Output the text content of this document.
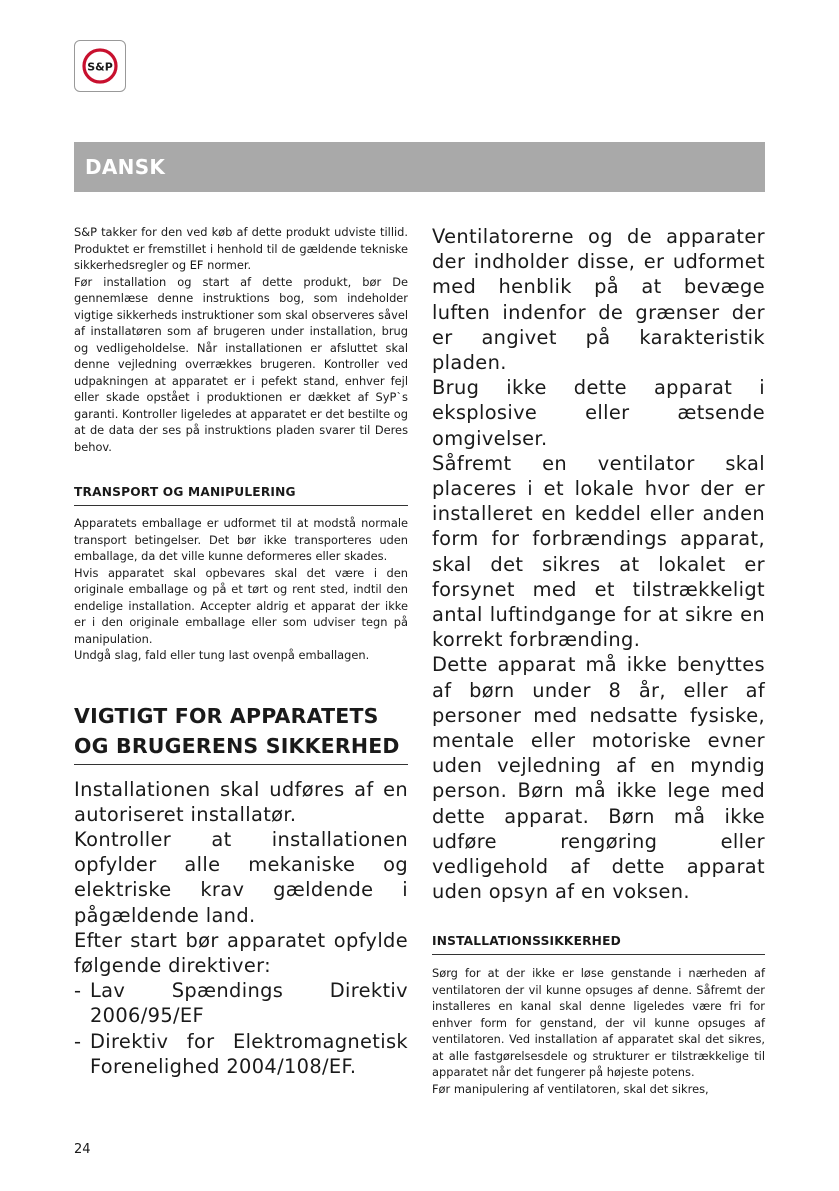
S&P
DANSK

S&P takker for den ved køb af dette produkt udviste tillid. Produktet er fremstillet i henhold til de gældende tekniske sikkerhedsregler og EF normer.

Før installation og start af dette produkt, bør De gennemlæse denne instruktions bog, som indeholder vigtige sikkerheds instruktioner som skal observeres såvel af installatøren som af brugeren under installation, brug og vedligeholdelse. Når installationen er afsluttet skal denne vejledning overrækkes brugeren. Kontroller ved udpakningen at apparatet er i pefekt stand, enhver fejl eller skade opstået i produktionen er dækket af SyP`s garanti. Kontroller ligeledes at apparatet er det bestilte og at de data der ses på instruktions pladen svarer til Deres behov.

TRANSPORT OG MANIPULERING

Apparatets emballage er udformet til at modstå normale transport betingelser. Det bør ikke transporteres uden emballage, da det ville kunne deformeres eller skades.

Hvis apparatet skal opbevares skal det være i den originale emballage og på et tørt og rent sted, indtil den endelige installation. Accepter aldrig et apparat der ikke er i den originale emballage eller som udviser tegn på manipulation.

Undgå slag, fald eller tung last ovenpå emballagen.

VIGTIGT FOR APPARATETS
OG BRUGERENS SIKKERHED

Installationen skal udføres af en autoriseret installatør.

Kontroller at installationen opfylder alle mekaniske og elektriske krav gældende i pågældende land.

Efter start bør apparatet opfylde følgende direktiver:

- Lav Spændings Direktiv 2006/95/EF
- Direktiv for Elektromagnetisk Forenelighed 2004/108/EF.

Ventilatorerne og de apparater der indholder disse, er udformet med henblik på at bevæge luften indenfor de grænser der er angivet på karakteristik pladen.

Brug ikke dette apparat i eksplosive eller ætsende omgivelser.

Såfremt en ventilator skal placeres i et lokale hvor der er installeret en keddel eller anden form for forbrændings apparat, skal det sikres at lokalet er forsynet med et tilstrækkeligt antal luftindgange for at sikre en korrekt forbrænding.

Dette apparat må ikke benyttes af børn under 8 år, eller af personer med nedsatte fysiske, mentale eller motoriske evner uden vejledning af en myndig person. Børn må ikke lege med dette apparat. Børn må ikke udføre rengøring eller vedligehold af dette apparat uden opsyn af en voksen.

INSTALLATIONSSIKKERHED

Sørg for at der ikke er løse genstande i nærheden af ventilatoren der vil kunne opsuges af denne. Såfremt der installeres en kanal skal denne ligeledes være fri for enhver form for genstand, der vil kunne opsuges af ventilatoren. Ved installation af apparatet skal det sikres, at alle fastgørelsesdele og strukturer er tilstrækkelige til apparatet når det fungerer på højeste potens.

Før manipulering af ventilatoren, skal det sikres,

24
